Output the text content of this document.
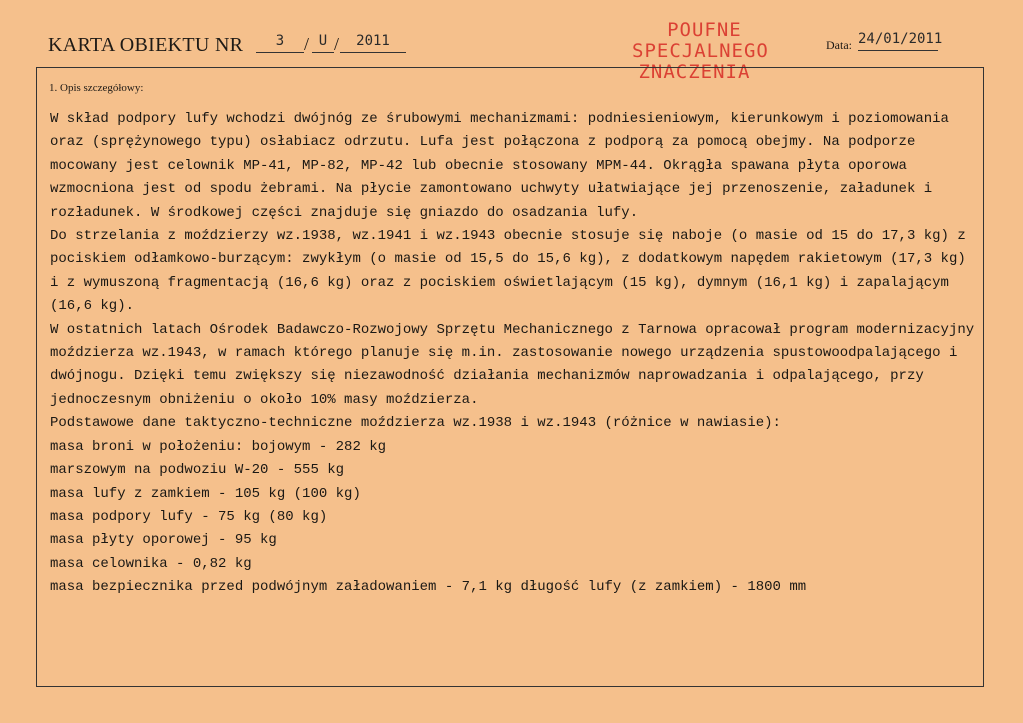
KARTA OBIEKTU NR	3	/ U /	2011	POUFNE
SPECJALNEGO
ZNACZENIA
Data: 24/01/2011
1. Opis szczegółowy:

W skład podpory lufy wchodzi dwójnóg ze śrubowymi mechanizmami: podniesieniowym, kierunkowym i poziomowania oraz (sprężynowego typu) osłabiacz odrzutu. Lufa jest połączona z podporą za pomocą obejmy. Na podporze mocowany jest celownik MP-41, MP-82, MP-42 lub obecnie stosowany MPM-44. Okrągła spawana płyta oporowa wzmocniona jest od spodu żebrami. Na płycie zamontowano uchwyty ułatwiające jej przenoszenie, załadunek i rozładunek. W środkowej części znajduje się gniazdo do osadzania lufy.

Do strzelania z moździerzy wz.1938, wz.1941 i wz.1943 obecnie stosuje się naboje (o masie od 15 do 17,3 kg) z pociskiem odłamkowo-burzącym: zwykłym (o masie od 15,5 do 15,6 kg), z dodatkowym napędem rakietowym (17,3 kg) i z wymuszoną fragmentacją (16,6 kg) oraz z pociskiem oświetlającym (15 kg), dymnym (16,1 kg) i zapalającym (16,6 kg).

W ostatnich latach Ośrodek Badawczo-Rozwojowy Sprzętu Mechanicznego z Tarnowa opracował program modernizacyjny moździerza wz.1943, w ramach którego planuje się m.in. zastosowanie nowego urządzenia spustowoodpalającego i dwójnogu. Dzięki temu zwiększy się niezawodność działania mechanizmów naprowadzania i odpalającego, przy jednoczesnym obniżeniu o około 10% masy moździerza.

Podstawowe dane taktyczno-techniczne moździerza wz.1938 i wz.1943 (różnice w nawiasie):

masa broni w położeniu: bojowym - 282 kg

marszowym na podwoziu W-20 - 555 kg

masa lufy z zamkiem - 105 kg (100 kg)

masa podpory lufy - 75 kg (80 kg)

masa płyty oporowej - 95 kg

masa celownika - 0,82 kg

masa bezpiecznika przed podwójnym załadowaniem - 7,1 kg długość lufy (z zamkiem) - 1800 mm
